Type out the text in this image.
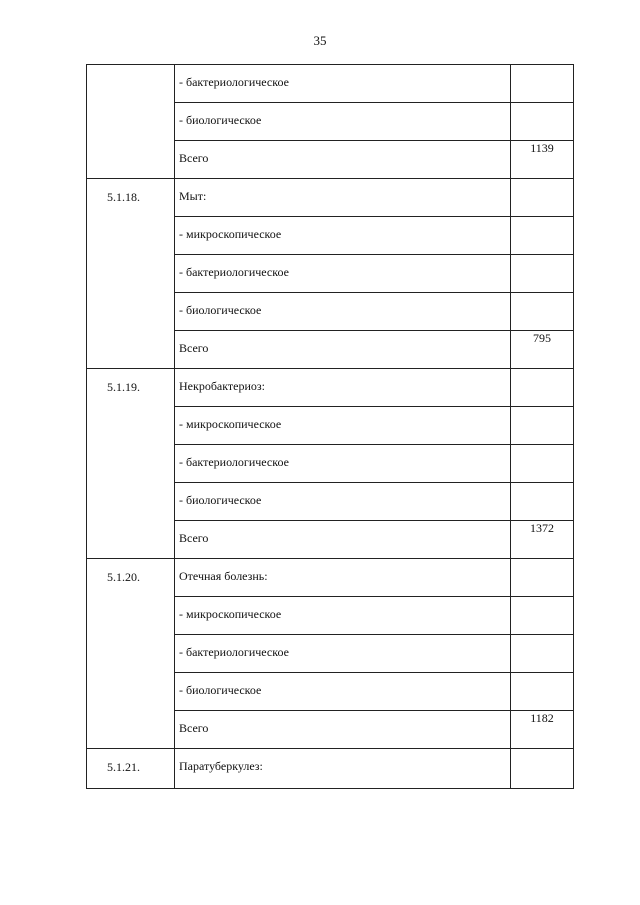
35
	- бактериологическое	
	- биологическое	
	Всего	1139
5.1.18.	Мыт:	
	- микроскопическое	
	- бактериологическое	
	- биологическое	
	Всего	795
5.1.19.	Некробактериоз:	
	- микроскопическое	
	- бактериологическое	
	- биологическое	
	Всего	1372
5.1.20.	Отечная болезнь:	
	- микроскопическое	
	- бактериологическое	
	- биологическое	
	Всего	1182
5.1.21.	Паратуберкулез:	
